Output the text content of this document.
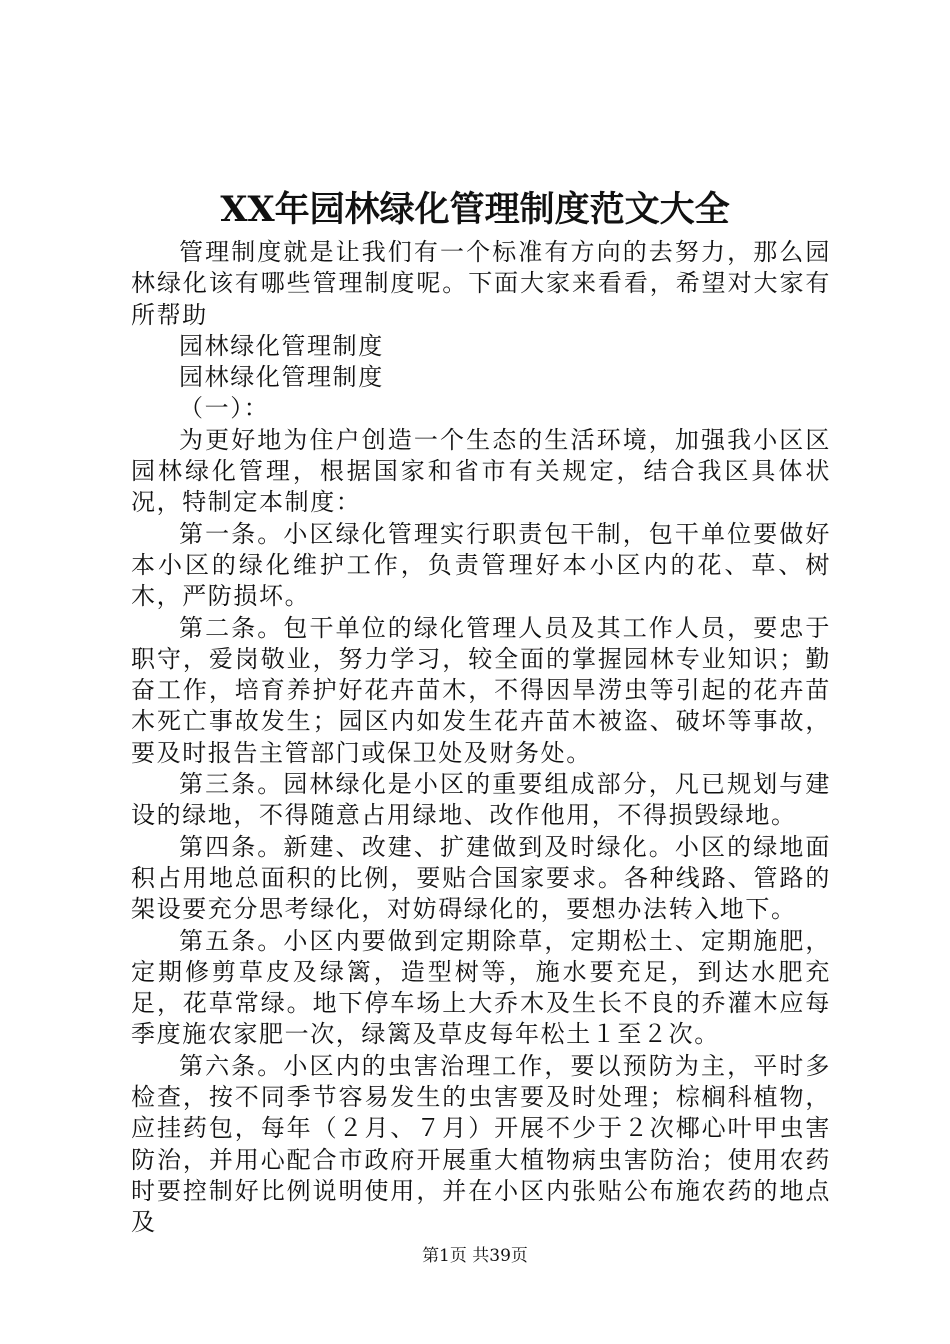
XX年园林绿化管理制度范文大全

管理制度就是让我们有一个标准有方向的去努力，那么园林绿化该有哪些管理制度呢。下面大家来看看，希望对大家有所帮助

园林绿化管理制度

园林绿化管理制度

（一）：

为更好地为住户创造一个生态的生活环境，加强我小区区园林绿化管理，根据国家和省市有关规定，结合我区具体状况，特制定本制度：

第一条。小区绿化管理实行职责包干制，包干单位要做好本小区的绿化维护工作，负责管理好本小区内的花、草、树木，严防损坏。

第二条。包干单位的绿化管理人员及其工作人员，要忠于职守，爱岗敬业，努力学习，较全面的掌握园林专业知识；勤奋工作，培育养护好花卉苗木，不得因旱涝虫等引起的花卉苗木死亡事故发生；园区内如发生花卉苗木被盗、破坏等事故，要及时报告主管部门或保卫处及财务处。

第三条。园林绿化是小区的重要组成部分，凡已规划与建设的绿地，不得随意占用绿地、改作他用，不得损毁绿地。

第四条。新建、改建、扩建做到及时绿化。小区的绿地面积占用地总面积的比例，要贴合国家要求。各种线路、管路的架设要充分思考绿化，对妨碍绿化的，要想办法转入地下。

第五条。小区内要做到定期除草，定期松土、定期施肥，定期修剪草皮及绿篱，造型树等，施水要充足，到达水肥充足，花草常绿。地下停车场上大乔木及生长不良的乔灌木应每季度施农家肥一次，绿篱及草皮每年松土１至２次。

第六条。小区内的虫害治理工作，要以预防为主，平时多检查，按不同季节容易发生的虫害要及时处理；棕榈科植物，应挂药包，每年（２月、７月）开展不少于２次椰心叶甲虫害防治，并用心配合市政府开展重大植物病虫害防治；使用农药时要控制好比例说明使用，并在小区内张贴公布施农药的地点及

第1页 共39页
